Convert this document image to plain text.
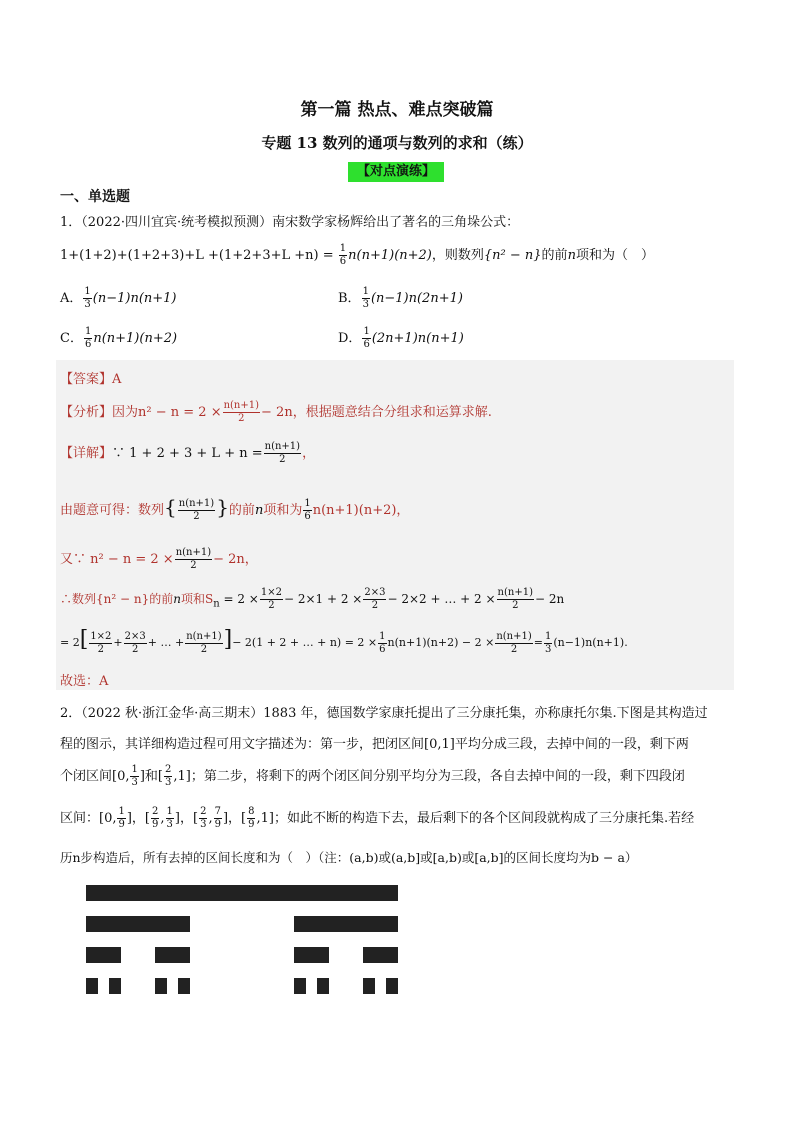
第一篇 热点、难点突破篇
专题 13 数列的通项与数列的求和（练）
【对点演练】
一、单选题
1．（2022·四川宜宾·统考模拟预测）南宋数学家杨辉给出了著名的三角垛公式：
$1+(1+2)+(1+2+3)+L +(1+2+3+L +n) = \frac{1}{6} n(n+1)(n+2)$，则数列{n² − n}的前n项和为（　）
A． $\frac{1}{3} (n-1)n(n+1)$	B． $\frac{1}{3} (n-1)n(2n+1)$
C． $\frac{1}{6} n(n+1)(n+2)$	D． $\frac{1}{6} (2n+1)n(n+1)$
【答案】A
【分析】因为$n^2 - n = 2 \times \frac{n(n+1)}{2} - 2n$，根据题意结合分组求和运算求解.
【详解】∵ $1 + 2 + 3 + L + n = \frac{n(n+1)}{2}$ ，
由题意可得：数列{ $\frac{n(n+1)}{2}$ }的前n项和为 $\frac{1}{6} n(n+1)(n+2)$，
又∵ $n^2 - n = 2 \times \frac{n(n+1)}{2} - 2n$，
∴数列{n² − n}的前n项和$S_n = 2 \times \frac{1\times 2}{2} - 2\times 1 + 2 \times \frac{2\times 3}{2} - 2\times 2$ + … + $2 \times \frac{n(n+1)}{2} - 2n$
= $2[ \frac{1\times 2}{2} + \frac{2\times 3}{2}$ + … + $\frac{n(n+1)}{2}$ ]− 2(1 + 2 + … + $n) = 2 \times \frac{1}{6} n(n+1)(n+2) - 2 \times \frac{n(n+1)}{2} = \frac{1}{3} (n-1)n(n+1)$.
故选：A
2．（2022 秋·浙江金华·高三期末）1883 年，德国数学家康托提出了三分康托集，亦称康托尔集.下图是其构造过
程的图示，其详细构造过程可用文字描述为：第一步，把闭区间[0,1]平均分成三段，去掉中间的一段，剩下两
个闭区间[0, $\frac{1}{3}$ ]和[ $\frac{2}{3} ,1$]；第二步，将剩下的两个闭区间分别平均分为三段，各自去掉中间的一段，剩下四段闭
区间：[0, $\frac{1}{9}$ ]，[ $\frac{2}{9}$ , $\frac{1}{3}$ ]，[ $\frac{2}{3}$ , $\frac{7}{9}$ ]，[ $\frac{8}{9} ,1$]；如此不断的构造下去，最后剩下的各个区间段就构成了三分康托集.若经
历n步构造后，所有去掉的区间长度和为（　）（注：(a,b)或(a,b]或[a,b)或[a,b]的区间长度均为b − a）
